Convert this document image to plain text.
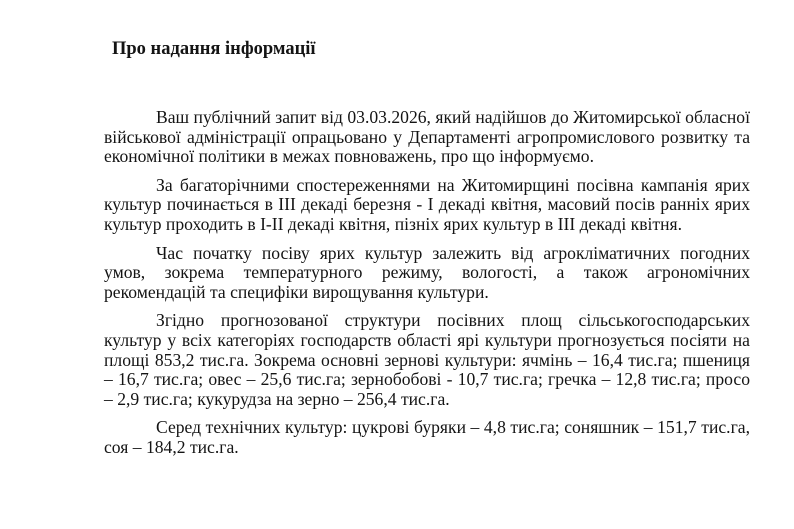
Про надання інформації

Ваш публічний запит від 03.03.2026, який надійшов до Житомирської обласної військової адміністрації опрацьовано у Департаменті агропромислового розвитку та економічної політики в межах повноважень, про що інформуємо.

За багаторічними спостереженнями на Житомирщині посівна кампанія ярих культур починається в ІІІ декаді березня - І декаді квітня, масовий посів ранніх ярих культур проходить в І-ІІ декаді квітня, пізніх ярих культур в ІІІ декаді квітня.

Час початку посіву ярих культур залежить від агрокліматичних погодних умов, зокрема температурного режиму, вологості, а також агрономічних рекомендацій та специфіки вирощування культури.

Згідно прогнозованої структури посівних площ сільськогосподарських культур у всіх категоріях господарств області ярі культури прогнозується посіяти на площі 853,2 тис.га. Зокрема основні зернові культури: ячмінь – 16,4 тис.га; пшениця – 16,7 тис.га; овес – 25,6 тис.га; зернобобові - 10,7 тис.га; гречка – 12,8 тис.га; просо – 2,9 тис.га; кукурудза на зерно – 256,4 тис.га.

Серед технічних культур: цукрові буряки – 4,8 тис.га; соняшник – 151,7 тис.га, соя – 184,2 тис.га.
